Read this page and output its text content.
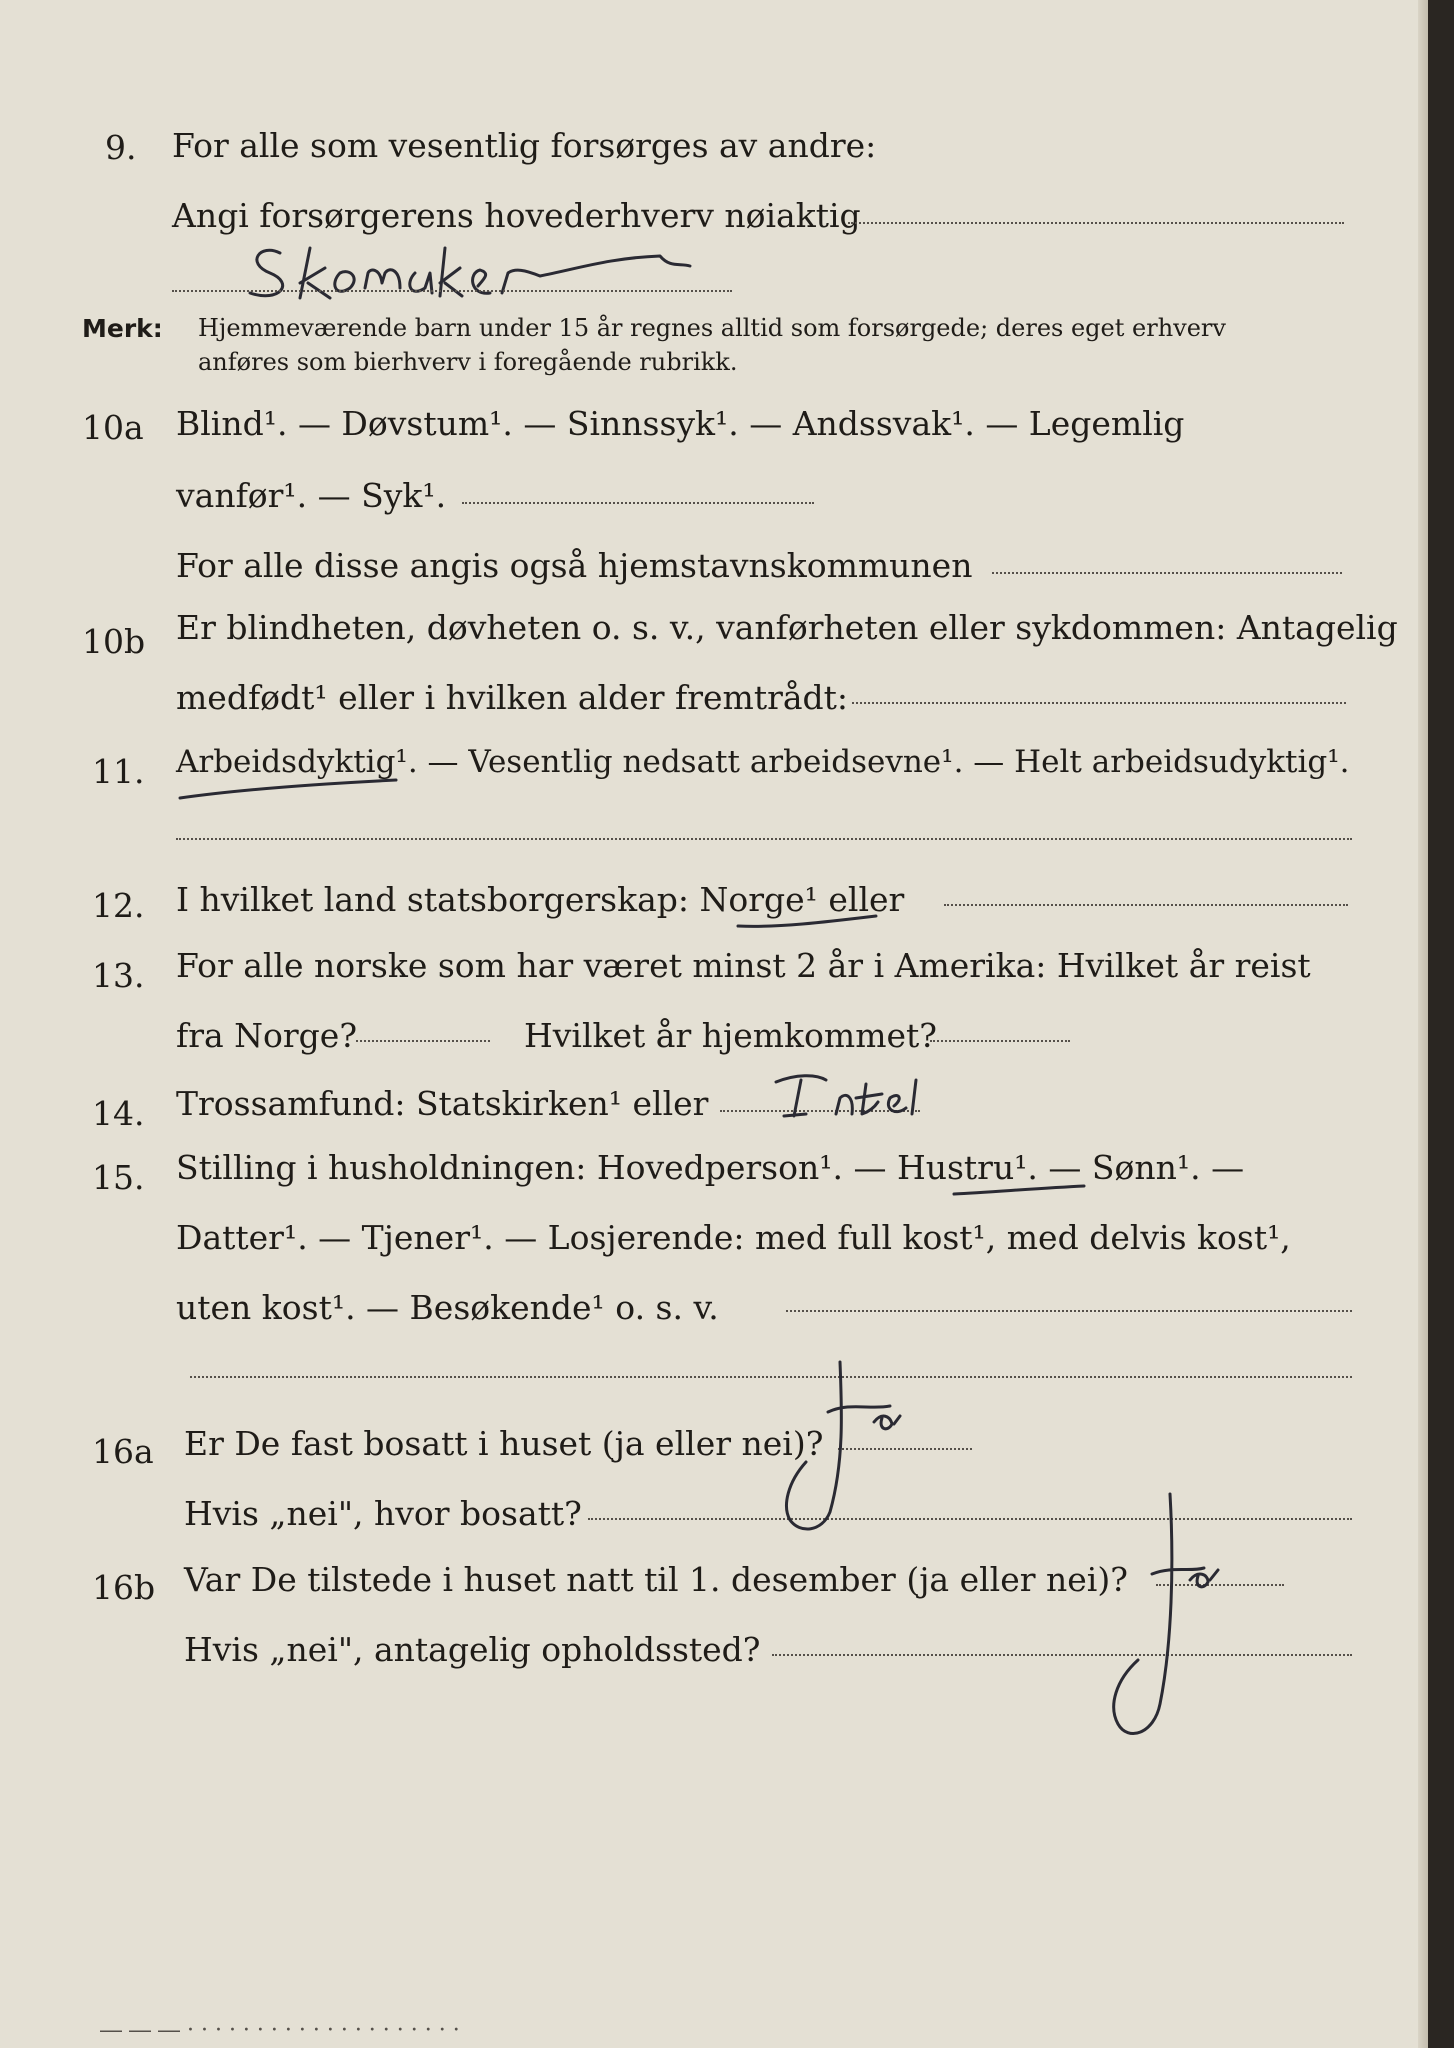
9. For alle som vesentlig forsørges av andre:
Angi forsørgerens hovederhverv nøiaktig
Merk: Hjemmeværende barn under 15 år regnes alltid som forsørgede; deres eget erhverv
anføres som bierhverv i foregående rubrikk.
10a Blind¹. — Døvstum¹. — Sinnssyk¹. — Andssvak¹. — Legemlig
vanfør¹. — Syk¹.
For alle disse angis også hjemstavnskommunen
10b Er blindheten, døvheten o. s. v., vanførheten eller sykdommen: Antagelig
medfødt¹ eller i hvilken alder fremtrådt:
11. Arbeidsdyktig¹. — Vesentlig nedsatt arbeidsevne¹. — Helt arbeidsudyktig¹.
12. I hvilket land statsborgerskap: Norge¹ eller
13. For alle norske som har været minst 2 år i Amerika: Hvilket år reist
fra Norge?	Hvilket år hjemkommet?
14. Trossamfund: Statskirken¹ eller
15. Stilling i husholdningen: Hovedperson¹. — Hustru¹. — Sønn¹. —
Datter¹. — Tjener¹. — Losjerende: med full kost¹, med delvis kost¹,
uten kost¹. — Besøkende¹ o. s. v.
16a Er De fast bosatt i huset (ja eller nei)?
Hvis „nei", hvor bosatt?
16b Var De tilstede i huset natt til 1. desember (ja eller nei)?
Hvis „nei", antagelig opholdssted?
― ― ― · · · · · · · · · · · · · · · · · · · ·
